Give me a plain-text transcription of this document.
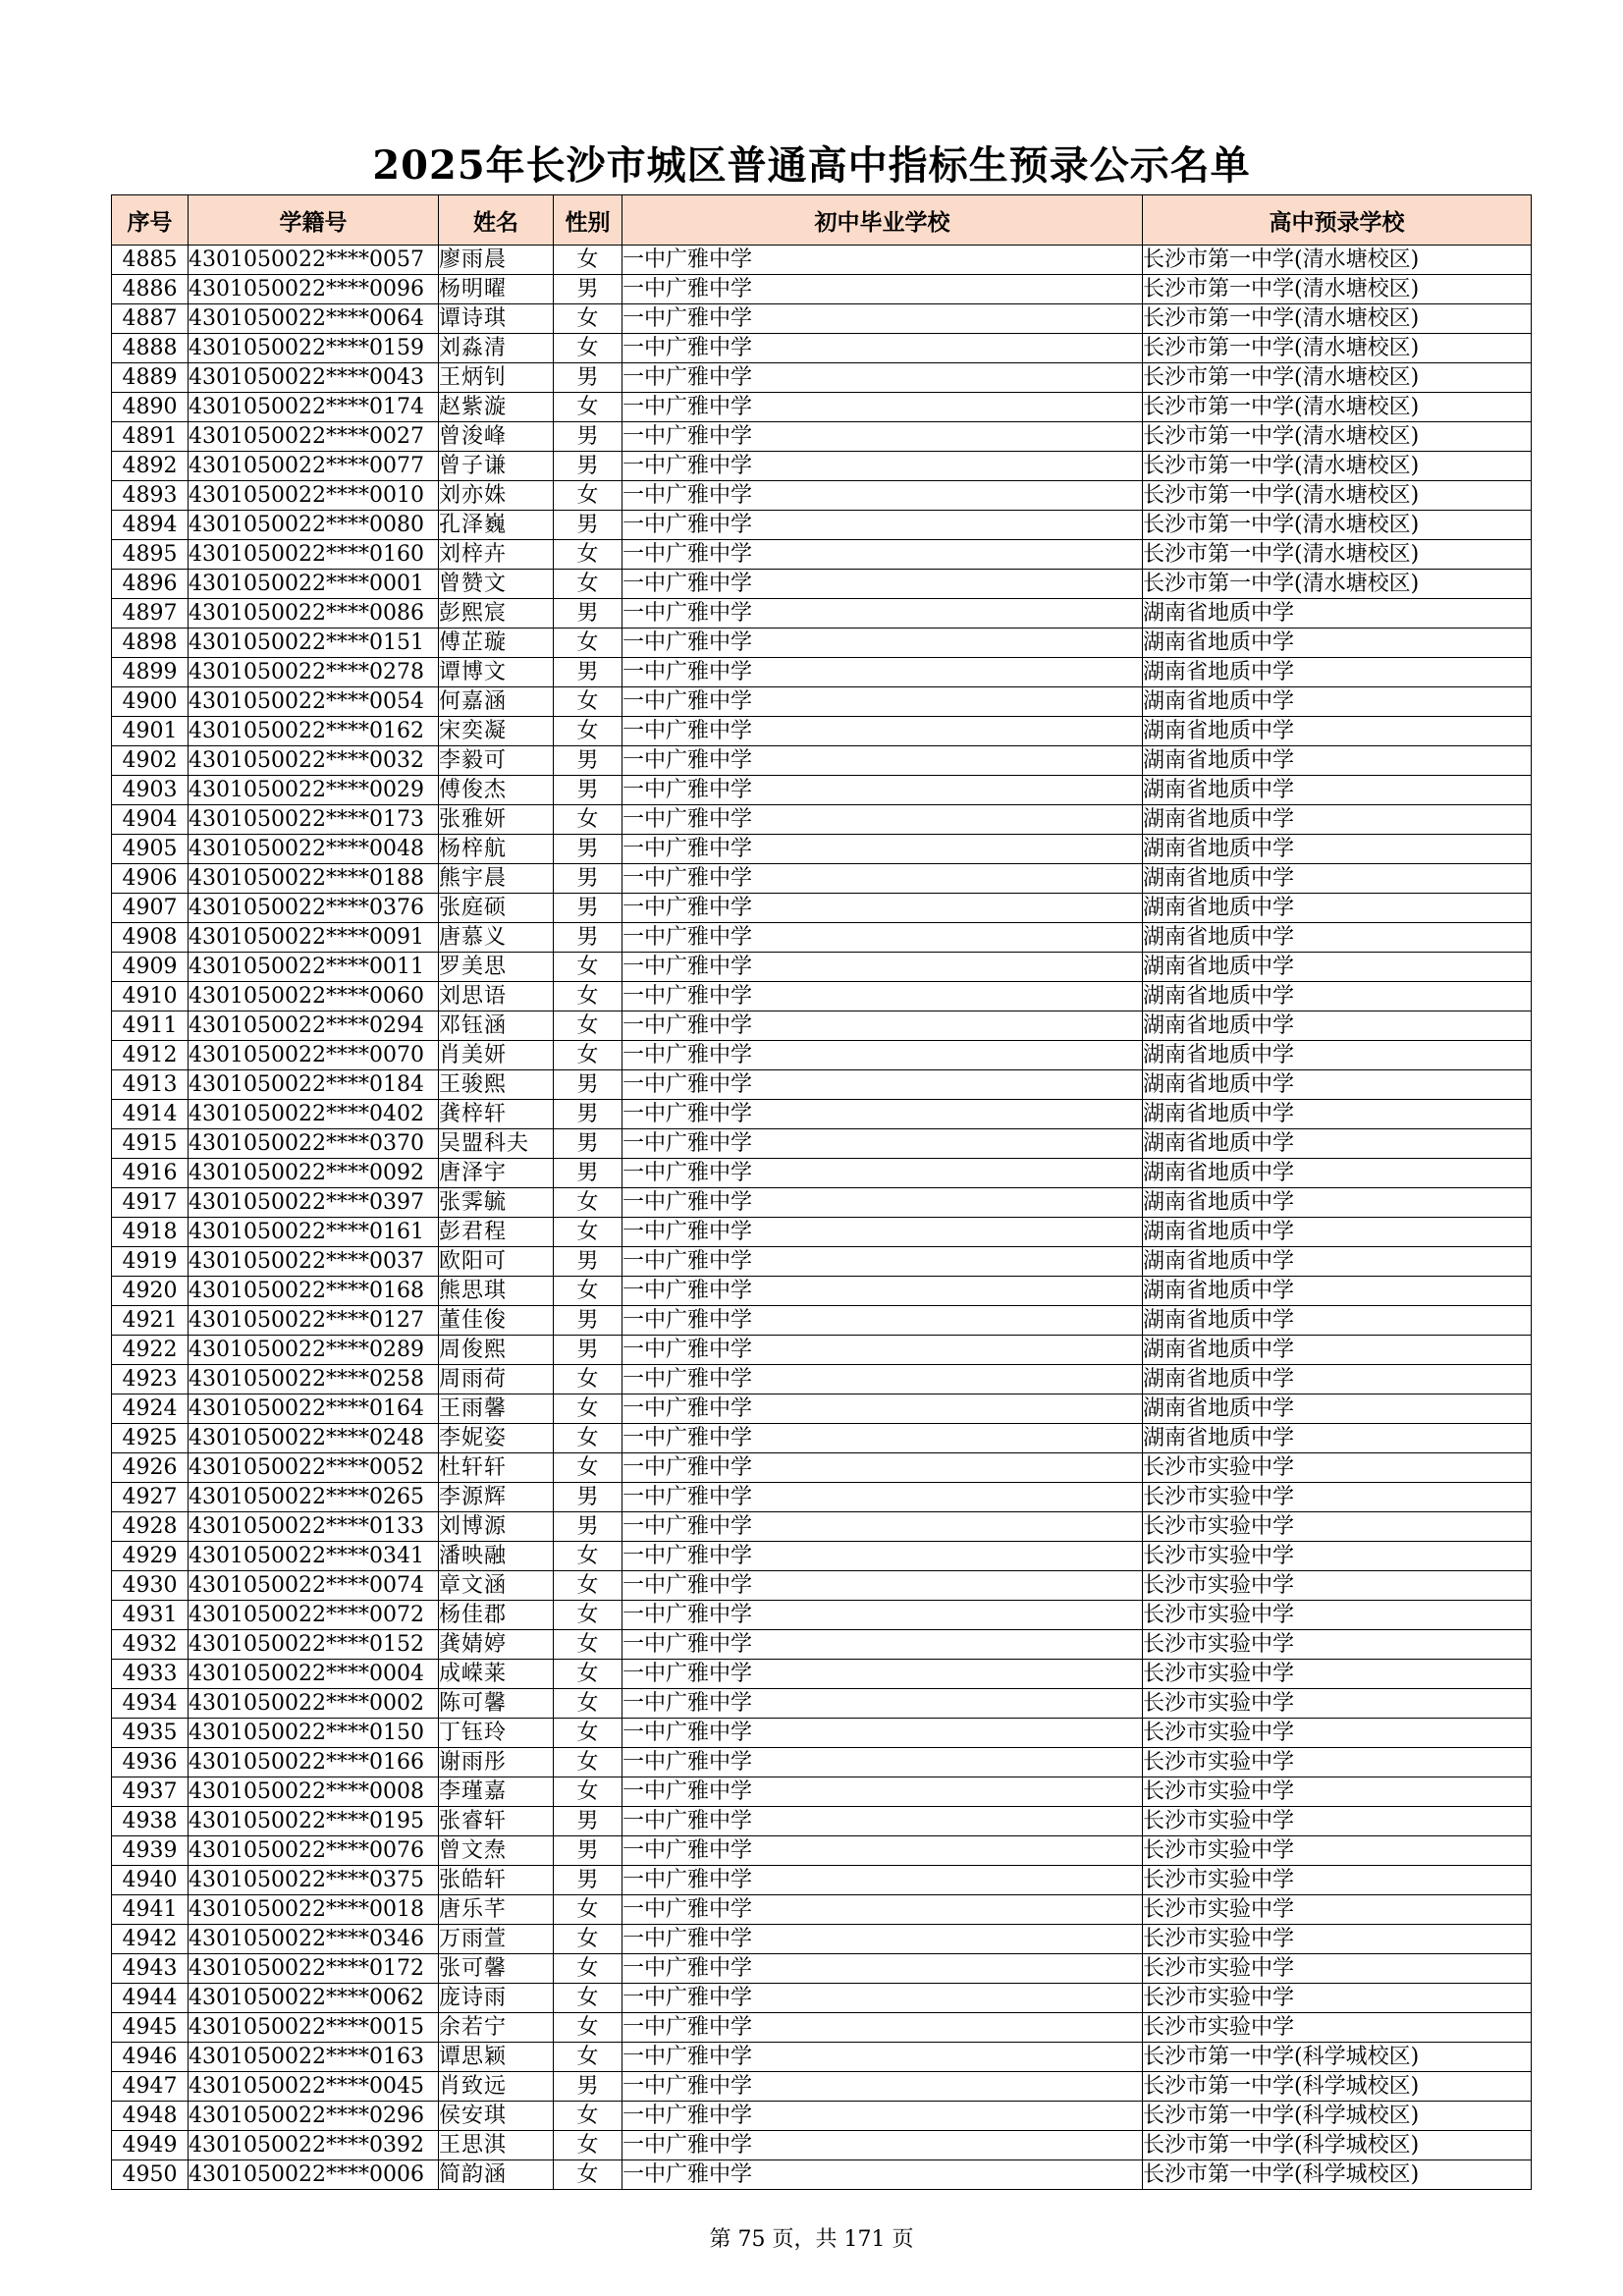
2025年长沙市城区普通高中指标生预录公示名单
序号	学籍号	姓名	性别	初中毕业学校	高中预录学校
4885	4301050022****0057	廖雨晨	女	一中广雅中学	长沙市第一中学(清水塘校区)
4886	4301050022****0096	杨明曜	男	一中广雅中学	长沙市第一中学(清水塘校区)
4887	4301050022****0064	谭诗琪	女	一中广雅中学	长沙市第一中学(清水塘校区)
4888	4301050022****0159	刘淼清	女	一中广雅中学	长沙市第一中学(清水塘校区)
4889	4301050022****0043	王炳钊	男	一中广雅中学	长沙市第一中学(清水塘校区)
4890	4301050022****0174	赵紫漩	女	一中广雅中学	长沙市第一中学(清水塘校区)
4891	4301050022****0027	曾浚峰	男	一中广雅中学	长沙市第一中学(清水塘校区)
4892	4301050022****0077	曾子谦	男	一中广雅中学	长沙市第一中学(清水塘校区)
4893	4301050022****0010	刘亦姝	女	一中广雅中学	长沙市第一中学(清水塘校区)
4894	4301050022****0080	孔泽巍	男	一中广雅中学	长沙市第一中学(清水塘校区)
4895	4301050022****0160	刘梓卉	女	一中广雅中学	长沙市第一中学(清水塘校区)
4896	4301050022****0001	曾赞文	女	一中广雅中学	长沙市第一中学(清水塘校区)
4897	4301050022****0086	彭熙宸	男	一中广雅中学	湖南省地质中学
4898	4301050022****0151	傅芷璇	女	一中广雅中学	湖南省地质中学
4899	4301050022****0278	谭博文	男	一中广雅中学	湖南省地质中学
4900	4301050022****0054	何嘉涵	女	一中广雅中学	湖南省地质中学
4901	4301050022****0162	宋奕凝	女	一中广雅中学	湖南省地质中学
4902	4301050022****0032	李毅可	男	一中广雅中学	湖南省地质中学
4903	4301050022****0029	傅俊杰	男	一中广雅中学	湖南省地质中学
4904	4301050022****0173	张雅妍	女	一中广雅中学	湖南省地质中学
4905	4301050022****0048	杨梓航	男	一中广雅中学	湖南省地质中学
4906	4301050022****0188	熊宇晨	男	一中广雅中学	湖南省地质中学
4907	4301050022****0376	张庭硕	男	一中广雅中学	湖南省地质中学
4908	4301050022****0091	唐慕义	男	一中广雅中学	湖南省地质中学
4909	4301050022****0011	罗美思	女	一中广雅中学	湖南省地质中学
4910	4301050022****0060	刘思语	女	一中广雅中学	湖南省地质中学
4911	4301050022****0294	邓钰涵	女	一中广雅中学	湖南省地质中学
4912	4301050022****0070	肖美妍	女	一中广雅中学	湖南省地质中学
4913	4301050022****0184	王骏熙	男	一中广雅中学	湖南省地质中学
4914	4301050022****0402	龚梓轩	男	一中广雅中学	湖南省地质中学
4915	4301050022****0370	吴盟科夫	男	一中广雅中学	湖南省地质中学
4916	4301050022****0092	唐泽宇	男	一中广雅中学	湖南省地质中学
4917	4301050022****0397	张霁毓	女	一中广雅中学	湖南省地质中学
4918	4301050022****0161	彭君程	女	一中广雅中学	湖南省地质中学
4919	4301050022****0037	欧阳可	男	一中广雅中学	湖南省地质中学
4920	4301050022****0168	熊思琪	女	一中广雅中学	湖南省地质中学
4921	4301050022****0127	董佳俊	男	一中广雅中学	湖南省地质中学
4922	4301050022****0289	周俊熙	男	一中广雅中学	湖南省地质中学
4923	4301050022****0258	周雨荷	女	一中广雅中学	湖南省地质中学
4924	4301050022****0164	王雨馨	女	一中广雅中学	湖南省地质中学
4925	4301050022****0248	李妮姿	女	一中广雅中学	湖南省地质中学
4926	4301050022****0052	杜轩轩	女	一中广雅中学	长沙市实验中学
4927	4301050022****0265	李源辉	男	一中广雅中学	长沙市实验中学
4928	4301050022****0133	刘博源	男	一中广雅中学	长沙市实验中学
4929	4301050022****0341	潘映融	女	一中广雅中学	长沙市实验中学
4930	4301050022****0074	章文涵	女	一中广雅中学	长沙市实验中学
4931	4301050022****0072	杨佳郡	女	一中广雅中学	长沙市实验中学
4932	4301050022****0152	龚婧婷	女	一中广雅中学	长沙市实验中学
4933	4301050022****0004	成嵘莱	女	一中广雅中学	长沙市实验中学
4934	4301050022****0002	陈可馨	女	一中广雅中学	长沙市实验中学
4935	4301050022****0150	丁钰玲	女	一中广雅中学	长沙市实验中学
4936	4301050022****0166	谢雨彤	女	一中广雅中学	长沙市实验中学
4937	4301050022****0008	李瑾嘉	女	一中广雅中学	长沙市实验中学
4938	4301050022****0195	张睿轩	男	一中广雅中学	长沙市实验中学
4939	4301050022****0076	曾文焘	男	一中广雅中学	长沙市实验中学
4940	4301050022****0375	张皓轩	男	一中广雅中学	长沙市实验中学
4941	4301050022****0018	唐乐芊	女	一中广雅中学	长沙市实验中学
4942	4301050022****0346	万雨萱	女	一中广雅中学	长沙市实验中学
4943	4301050022****0172	张可馨	女	一中广雅中学	长沙市实验中学
4944	4301050022****0062	庞诗雨	女	一中广雅中学	长沙市实验中学
4945	4301050022****0015	余若宁	女	一中广雅中学	长沙市实验中学
4946	4301050022****0163	谭思颖	女	一中广雅中学	长沙市第一中学(科学城校区)
4947	4301050022****0045	肖致远	男	一中广雅中学	长沙市第一中学(科学城校区)
4948	4301050022****0296	侯安琪	女	一中广雅中学	长沙市第一中学(科学城校区)
4949	4301050022****0392	王思淇	女	一中广雅中学	长沙市第一中学(科学城校区)
4950	4301050022****0006	简韵涵	女	一中广雅中学	长沙市第一中学(科学城校区)
第 75 页，共 171 页
